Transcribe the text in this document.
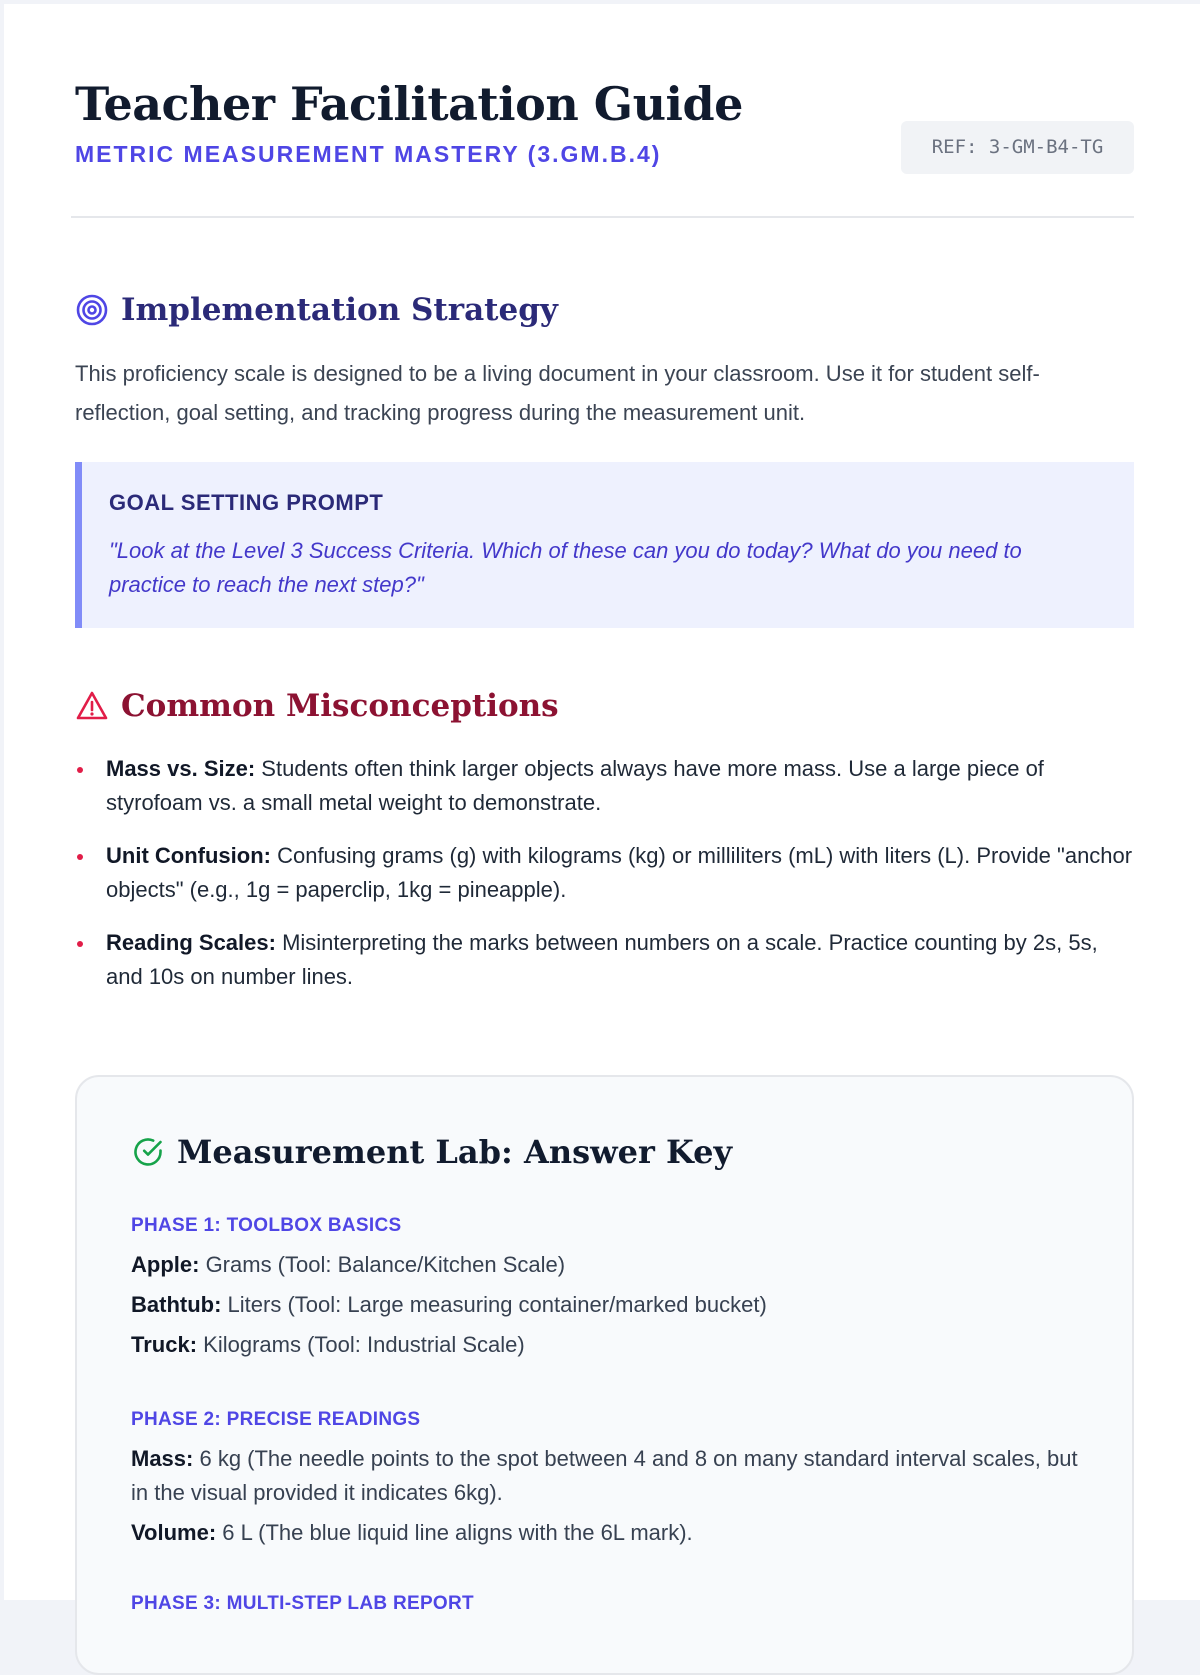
Teacher Facilitation Guide

METRIC MEASUREMENT MASTERY (3.GM.B.4)	REF: 3-GM-B4-TG
Implementation Strategy

This proficiency scale is designed to be a living document in your classroom. Use it for student self-reflection, goal setting, and tracking progress during the measurement unit.

GOAL SETTING PROMPT

"Look at the Level 3 Success Criteria. Which of these can you do today? What do you need to practice to reach the next step?"

Common Misconceptions
Mass vs. Size: Students often think larger objects always have more mass. Use a large piece of styrofoam vs. a small metal weight to demonstrate.
Unit Confusion: Confusing grams (g) with kilograms (kg) or milliliters (mL) with liters (L). Provide "anchor objects" (e.g., 1g = paperclip, 1kg = pineapple).
Reading Scales: Misinterpreting the marks between numbers on a scale. Practice counting by 2s, 5s, and 10s on number lines.
Measurement Lab: Answer Key

PHASE 1: TOOLBOX BASICS

Apple: Grams (Tool: Balance/Kitchen Scale)

Bathtub: Liters (Tool: Large measuring container/marked bucket)

Truck: Kilograms (Tool: Industrial Scale)

PHASE 2: PRECISE READINGS

Mass: 6 kg (The needle points to the spot between 4 and 8 on many standard interval scales, but in the visual provided it indicates 6kg).

Volume: 6 L (The blue liquid line aligns with the 6L mark).

PHASE 3: MULTI-STEP LAB REPORT
